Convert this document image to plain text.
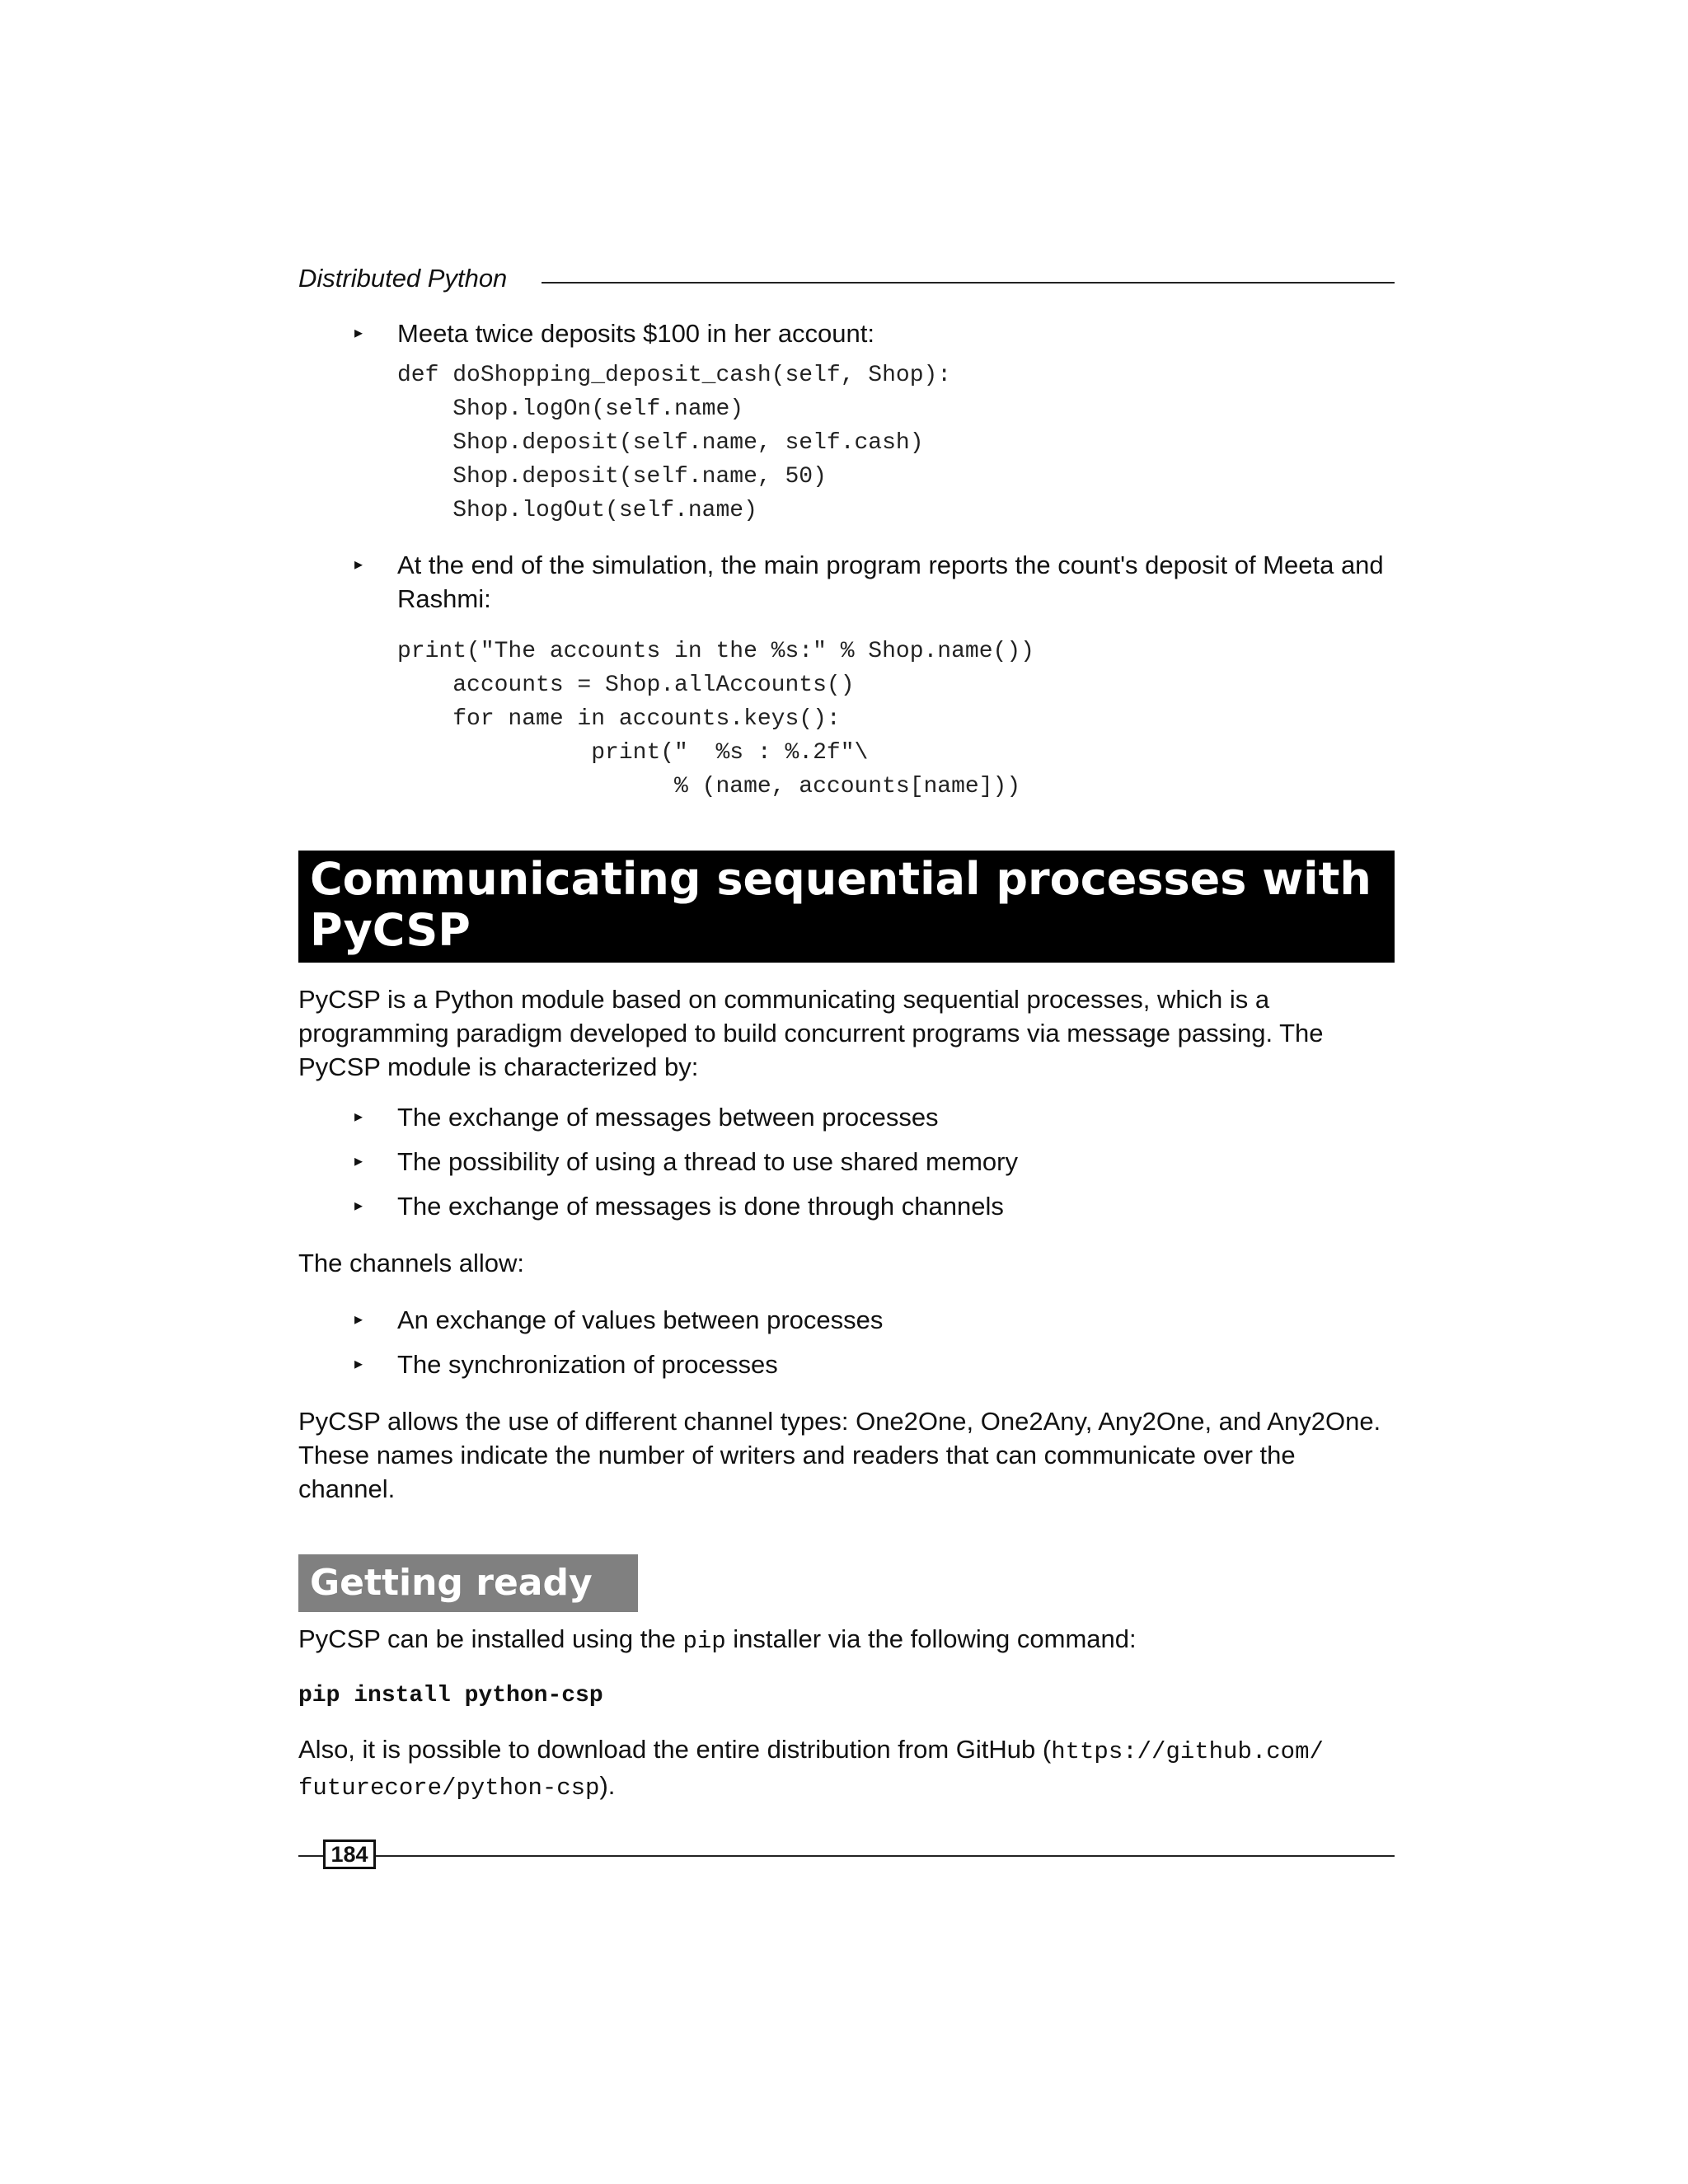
Distributed Python
▸ Meeta twice deposits $100 in her account:
def doShopping_deposit_cash(self, Shop):
Shop.logOn(self.name)
Shop.deposit(self.name, self.cash)
Shop.deposit(self.name, 50)
Shop.logOut(self.name)
▸ At the end of the simulation, the main program reports the count's deposit of Meeta and Rashmi:
print("The accounts in the %s:" % Shop.name())
accounts = Shop.allAccounts()
for name in accounts.keys():
print("  %s : %.2f"\
% (name, accounts[name]))
Communicating sequential processes with
PyCSP
PyCSP is a Python module based on communicating sequential processes, which is a programming paradigm developed to build concurrent programs via message passing. The PyCSP module is characterized by:
▸ The exchange of messages between processes
▸ The possibility of using a thread to use shared memory
▸ The exchange of messages is done through channels
The channels allow:
▸ An exchange of values between processes
▸ The synchronization of processes
PyCSP allows the use of different channel types: One2One, One2Any, Any2One, and Any2One. These names indicate the number of writers and readers that can communicate over the channel.
Getting ready
PyCSP can be installed using the pip installer via the following command:
pip install python-csp
Also, it is possible to download the entire distribution from GitHub (https://github.com/
futurecore/python-csp).
184
